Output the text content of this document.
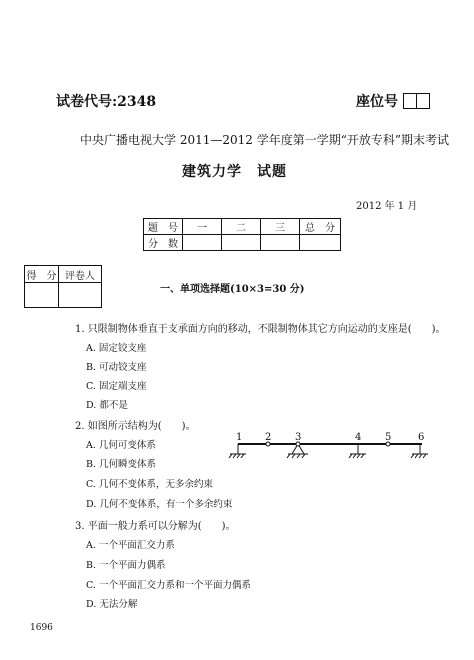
试卷代号:2348	座位号
中央广播电视大学 2011—2012 学年度第一学期“开放专科”期末考试
建筑力学　试题
2012 年 1 月
题　号	一	二	三	总　分
分　数				
得　分	评卷人

一、单项选择题(10×3=30 分)
1. 只限制物体垂直于支承面方向的移动，不限制物体其它方向运动的支座是(　　)。
A. 固定铰支座
B. 可动铰支座
C. 固定端支座
D. 都不是
2. 如图所示结构为(　　)。
A. 几何可变体系
B. 几何瞬变体系
C. 几何不变体系，无多余约束
D. 几何不变体系，有一个多余约束
3. 平面一般力系可以分解为(　　)。
A. 一个平面汇交力系
B. 一个平面力偶系
C. 一个平面汇交力系和一个平面力偶系
D. 无法分解
1 2 3	4 5	6
1696
